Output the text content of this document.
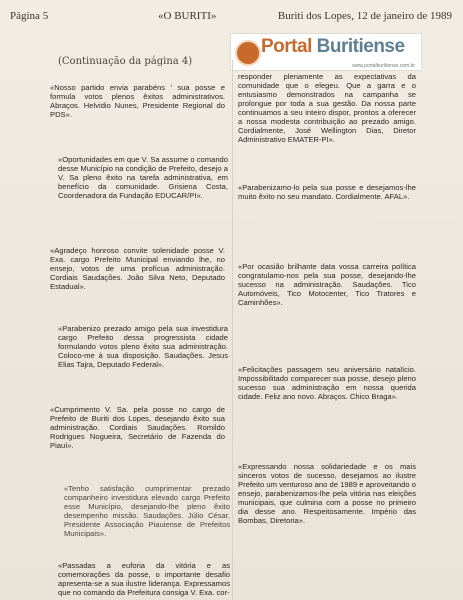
Página 5	«O BURITI»	Buriti dos Lopes, 12 de janeiro de 1989
Portal Buritiense
www.portalburitiense.com.br
(Continuação da página 4)
«Nosso partido envia parabéns ′ sua posse e formula votos plenos êxitos administrativos. Abraços. Helvidio Nunes, Presidente Regional do PDS».
«Oportunidades em que V. Sa assume o comando desse Município na condição de Prefeito, desejo a V. Sa pleno êxito na tarefa administrativa, em benefício da comunidade. Grisiena Costa, Coordenadora da Fundação EDUCAR/PI».
«Agradeço honroso convite solenidade posse V. Exa. cargo Prefeito Municipal enviando lhe, no ensejo, votos de uma profícua administração. Cordiais Saudações. João Silva Neto, Deputado Estadual».
«Parabenizo prezado amigo pela sua investidura cargo Prefeito dessa progressista cidade formulando votos pleno êxito sua administração. Coloco-me à sua disposição. Saudações. Jesus Elias Tajra, Deputado Federal».
«Cumprimento V. Sa. pela posse no cargo de Prefeito de Buriti dos Lopes, desejando êxito sua administração. Cordiais Saudações. Romildo Rodrigues Nogueira, Secretário de Fazenda do Piauí».
«Tenho satisfação cumprimentar prezado companheiro investidura elevado cargo Prefeito esse Município, desejando-lhe pleno êxito desempenho missão. Saudações. Júlio César, Presidente Associação Piauiense de Prefeitos Municipais».
«Passadas a euforia da vitória e as comemorações da posse, o importante desafio apresenta-se a sua ilustre liderança. Expressamos que no comando da Prefeitura consiga V. Exa. cor-
responder plenamente as expectativas da comunidade que o elegeu. Que a garra e o entusiasmo demonstrados na campanha se prolongue por toda a sua gestão. Da nossa parte continuamos a seu inteiro dispor, prontos a oferecer a nossa modesta contribuição ao prezado amigo. Cordialmente, José Wellington Dias, Diretor Administrativo EMATER-PI».
«Parabenizamo-lo pela sua posse e desejamos-lhe muito êxito no seu mandato. Cordialmente. AFAL».
«Por ocasião brilhante data vossa carreira política congratulamo-nos pela sua posse, desejando-lhe sucesso na administração. Saudações. Tico Automóveis, Tico Motocenter, Tico Tratores e Caminhões».
«Felicitações passagem seu aniversário natalício. Impossibilitado comparecer sua posse, desejo pleno sucesso sua administração em nossa querida cidade. Feliz ano novo. Abraços. Chico Braga».
«Expressando nossa solidariedade e os mais sinceros votos de sucesso, desejamos ao ilustre Prefeito um venturoso ano de 1989 e aproveitando o ensejo, parabenizamos-lhe pela vitória nas eleições municipais, que culmina com a posse no primeiro dia desse ano. Respeitosamente. Império das Bombas, Diretoria».
